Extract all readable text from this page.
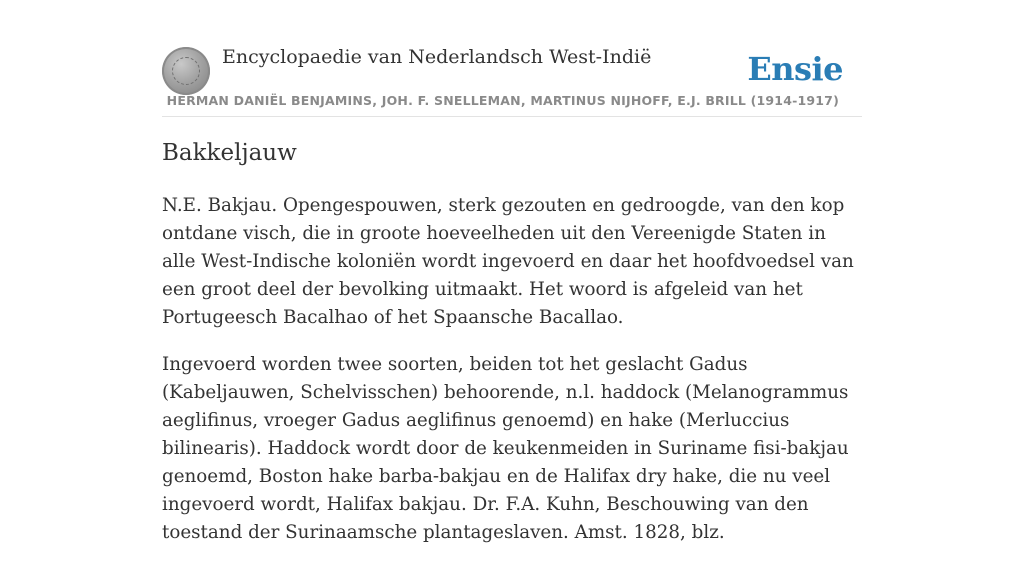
Encyclopaedie van Nederlandsch West-Indië	Ensie
HERMAN DANIËL BENJAMINS, JOH. F. SNELLEMAN, MARTINUS NIJHOFF, E.J. BRILL (1914-1917)
Bakkeljauw

N.E. Bakjau. Opengespouwen, sterk gezouten en gedroogde, van den kop ontdane visch, die in groote hoeveelheden uit den Vereenigde Staten in alle West-Indische koloniën wordt ingevoerd en daar het hoofdvoedsel van een groot deel der bevolking uitmaakt. Het woord is afgeleid van het Portugeesch Bacalhao of het Spaansche Bacallao.

Ingevoerd worden twee soorten, beiden tot het geslacht Gadus (Kabeljauwen, Schelvisschen) behoorende, n.l. haddock (Melanogrammus aeglifinus, vroeger Gadus aeglifinus genoemd) en hake (Merluccius bilinearis). Haddock wordt door de keukenmeiden in Suriname fisi-bakjau genoemd, Boston hake barba-bakjau en de Halifax dry hake, die nu veel ingevoerd wordt, Halifax bakjau. Dr. F.A. Kuhn, Beschouwing van den toestand der Surinaamsche plantageslaven. Amst. 1828, blz.
